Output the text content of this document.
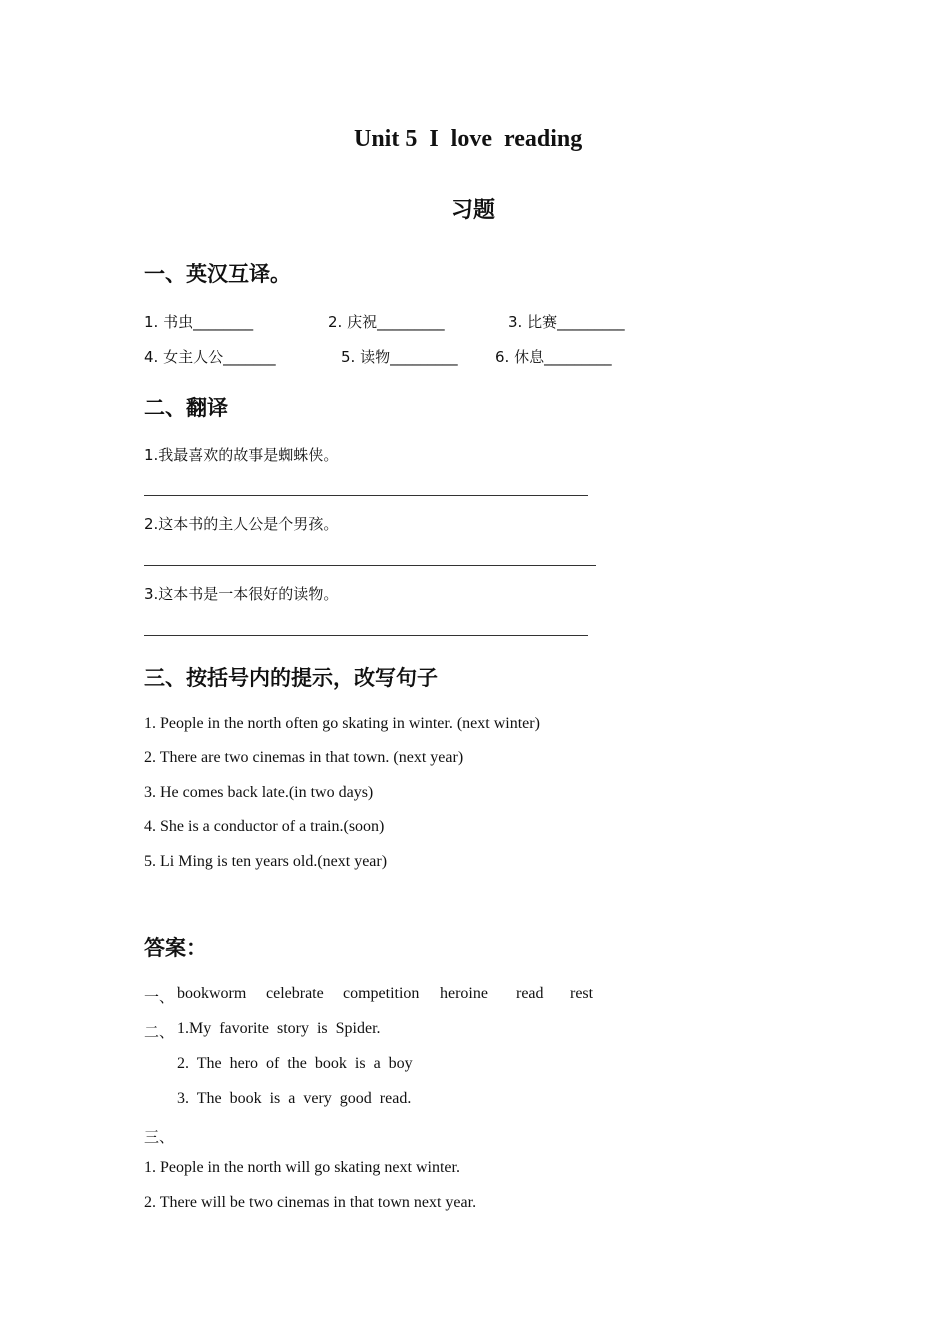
Unit 5  I  love  reading
习题
一、英汉互译。
1. 书虫________	2. 庆祝_________	3. 比赛_________
4. 女主人公_______	5. 读物_________ 6. 休息_________
二、翻译
1.我最喜欢的故事是蜘蛛侠。
2.这本书的主人公是个男孩。
3.这本书是一本很好的读物。
三、按括号内的提示，改写句子
1. People in the north often go skating in winter. (next winter)
2. There are two cinemas in that town. (next year)
3. He comes back late.(in two days)
4. She is a conductor of a train.(soon)
5. Li Ming is ten years old.(next year)
答案：
一、 bookworm celebrate competition heroine read rest
二、 1.My  favorite  story  is  Spider.
2.  The  hero  of  the  book  is  a  boy
3.  The  book  is  a  very  good  read.
三、
1. People in the north will go skating next winter.
2. There will be two cinemas in that town next year.
